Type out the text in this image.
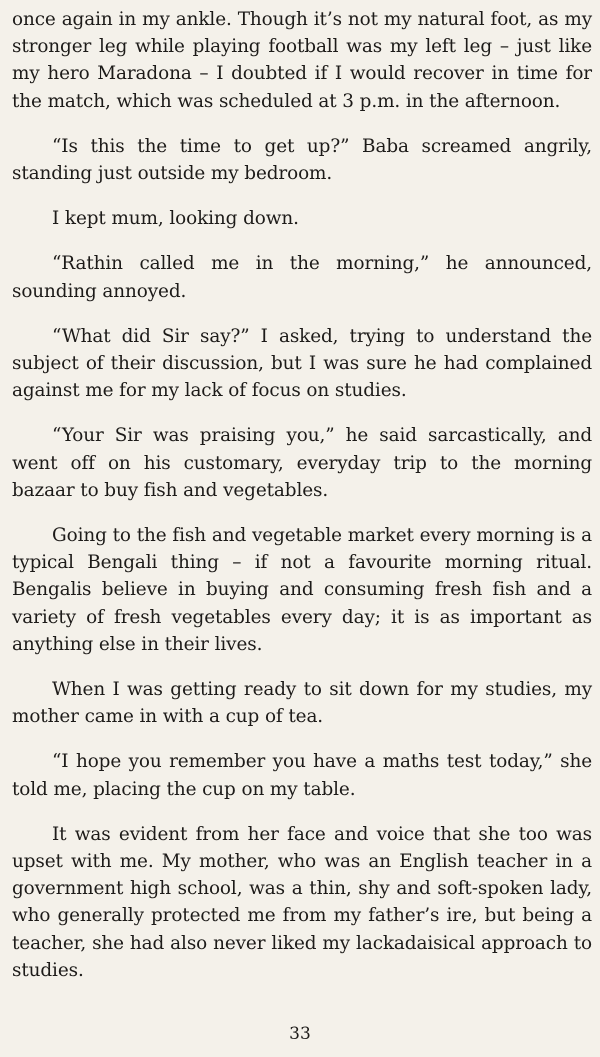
once again in my ankle. Though it’s not my natural foot, as my stronger leg while playing football was my left leg – just like my hero Maradona – I doubted if I would recover in time for the match, which was scheduled at 3 p.m. in the afternoon.

“Is this the time to get up?” Baba screamed angrily, standing just outside my bedroom.

I kept mum, looking down.

“Rathin called me in the morning,” he announced, sounding annoyed.

“What did Sir say?” I asked, trying to understand the subject of their discussion, but I was sure he had complained against me for my lack of focus on studies.

“Your Sir was praising you,” he said sarcastically, and went off on his customary, everyday trip to the morning bazaar to buy fish and vegetables.

Going to the fish and vegetable market every morning is a typical Bengali thing – if not a favourite morning ritual. Bengalis believe in buying and consuming fresh fish and a variety of fresh vegetables every day; it is as important as anything else in their lives.

When I was getting ready to sit down for my studies, my mother came in with a cup of tea.

“I hope you remember you have a maths test today,” she told me, placing the cup on my table.

It was evident from her face and voice that she too was upset with me. My mother, who was an English teacher in a government high school, was a thin, shy and soft-spoken lady, who generally protected me from my father’s ire, but being a teacher, she had also never liked my lackadaisical approach to studies.

33
